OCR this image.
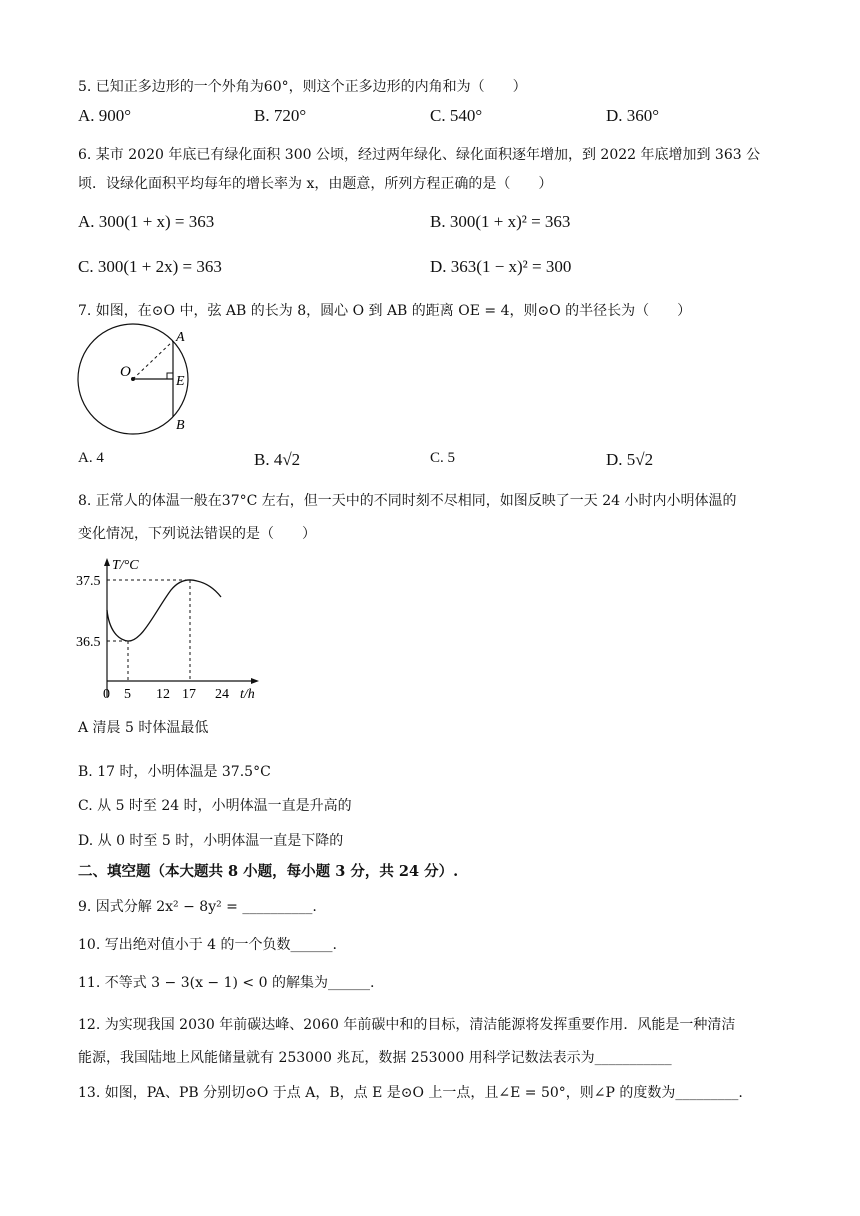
5. 已知正多边形的一个外角为60°，则这个正多边形的内角和为（　　）
A. 900°	B. 720°	C. 540°	D. 360°
6. 某市 2020 年底已有绿化面积 300 公顷，经过两年绿化、绿化面积逐年增加，到 2022 年底增加到 363 公
顷．设绿化面积平均每年的增长率为 x，由题意，所列方程正确的是（　　）
A. 300(1 + x) = 363	B. 300(1 + x)² = 363
C. 300(1 + 2x) = 363	D. 363(1 − x)² = 300
7. 如图，在⊙O 中，弦 AB 的长为 8，圆心 O 到 AB 的距离 OE = 4，则⊙O 的半径长为（　　）
A
O
E
B
A. 4	B. 4√2	C. 5	D. 5√2
8. 正常人的体温一般在37°C 左右，但一天中的不同时刻不尽相同，如图反映了一天 24 小时内小明体温的
变化情况，下列说法错误的是（　　）
T/°C
37.5
36.5
0 5 12 17 24 t/h
A 清晨 5 时体温最低
B. 17 时，小明体温是 37.5°C
C. 从 5 时至 24 时，小明体温一直是升高的
D. 从 0 时至 5 时，小明体温一直是下降的
二、填空题（本大题共 8 小题，每小题 3 分，共 24 分）.
9. 因式分解 2x² − 8y² = __________.
10. 写出绝对值小于 4 的一个负数______.
11. 不等式 3 − 3(x − 1) < 0 的解集为______.
12. 为实现我国 2030 年前碳达峰、2060 年前碳中和的目标，清洁能源将发挥重要作用．风能是一种清洁
能源，我国陆地上风能储量就有 253000 兆瓦，数据 253000 用科学记数法表示为___________
13. 如图，PA、PB 分别切⊙O 于点 A，B，点 E 是⊙O 上一点，且∠E = 50°，则∠P 的度数为_________.
